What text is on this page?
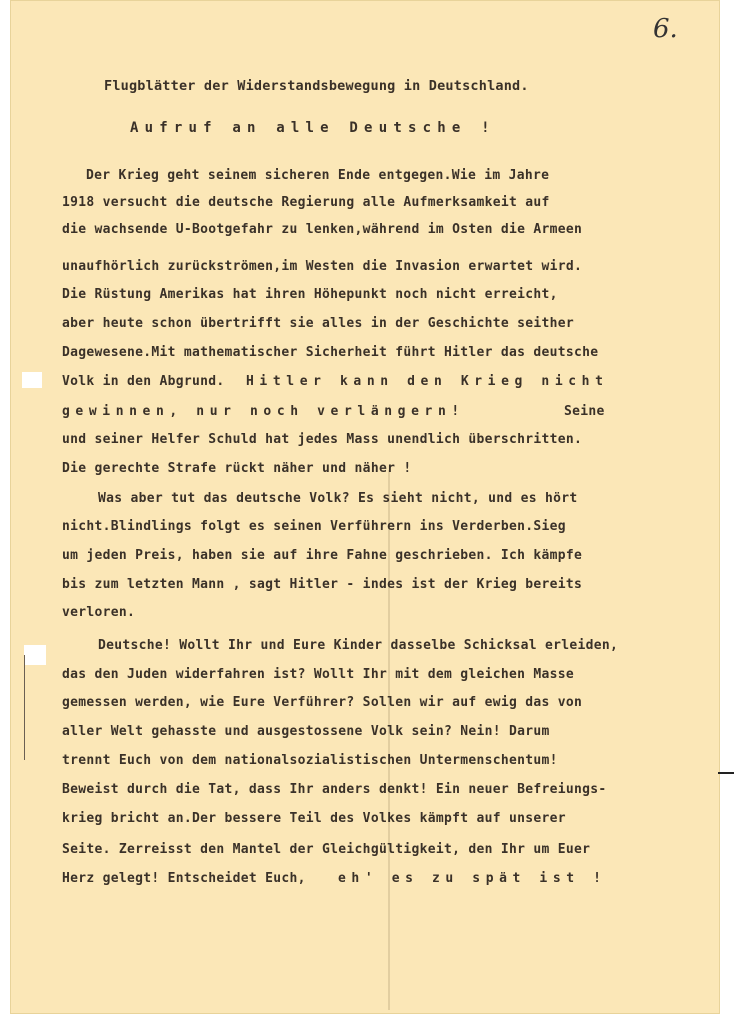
6.
Flugblätter der Widerstandsbewegung in Deutschland.
Aufruf an alle Deutsche !
Der Krieg geht seinem sicheren Ende entgegen.Wie im Jahre
1918 versucht die deutsche Regierung alle Aufmerksamkeit auf
die wachsende U-Bootgefahr zu lenken,während im Osten die Armeen
unaufhörlich zurückströmen,im Westen die Invasion erwartet wird.
Die Rüstung Amerikas hat ihren Höhepunkt noch nicht erreicht,
aber heute schon übertrifft sie alles in der Geschichte seither
Dagewesene.Mit mathematischer Sicherheit führt Hitler das deutsche
Volk in den Abgrund. Hitler kann den Krieg nicht
gewinnen, nur noch verlängern!	Seine
und seiner Helfer Schuld hat jedes Mass unendlich überschritten.
Die gerechte Strafe rückt näher und näher !
Was aber tut das deutsche Volk? Es sieht nicht, und es hört
nicht.Blindlings folgt es seinen Verführern ins Verderben.Sieg
um jeden Preis, haben sie auf ihre Fahne geschrieben. Ich kämpfe
bis zum letzten Mann , sagt Hitler - indes ist der Krieg bereits
verloren.
Deutsche! Wollt Ihr und Eure Kinder dasselbe Schicksal erleiden,
das den Juden widerfahren ist? Wollt Ihr mit dem gleichen Masse
gemessen werden, wie Eure Verführer? Sollen wir auf ewig das von
aller Welt gehasste und ausgestossene Volk sein? Nein! Darum
trennt Euch von dem nationalsozialistischen Untermenschentum!
Beweist durch die Tat, dass Ihr anders denkt! Ein neuer Befreiungs-
krieg bricht an.Der bessere Teil des Volkes kämpft auf unserer
Seite. Zerreisst den Mantel der Gleichgültigkeit, den Ihr um Euer
Herz gelegt! Entscheidet Euch, eh' es zu spät ist !
